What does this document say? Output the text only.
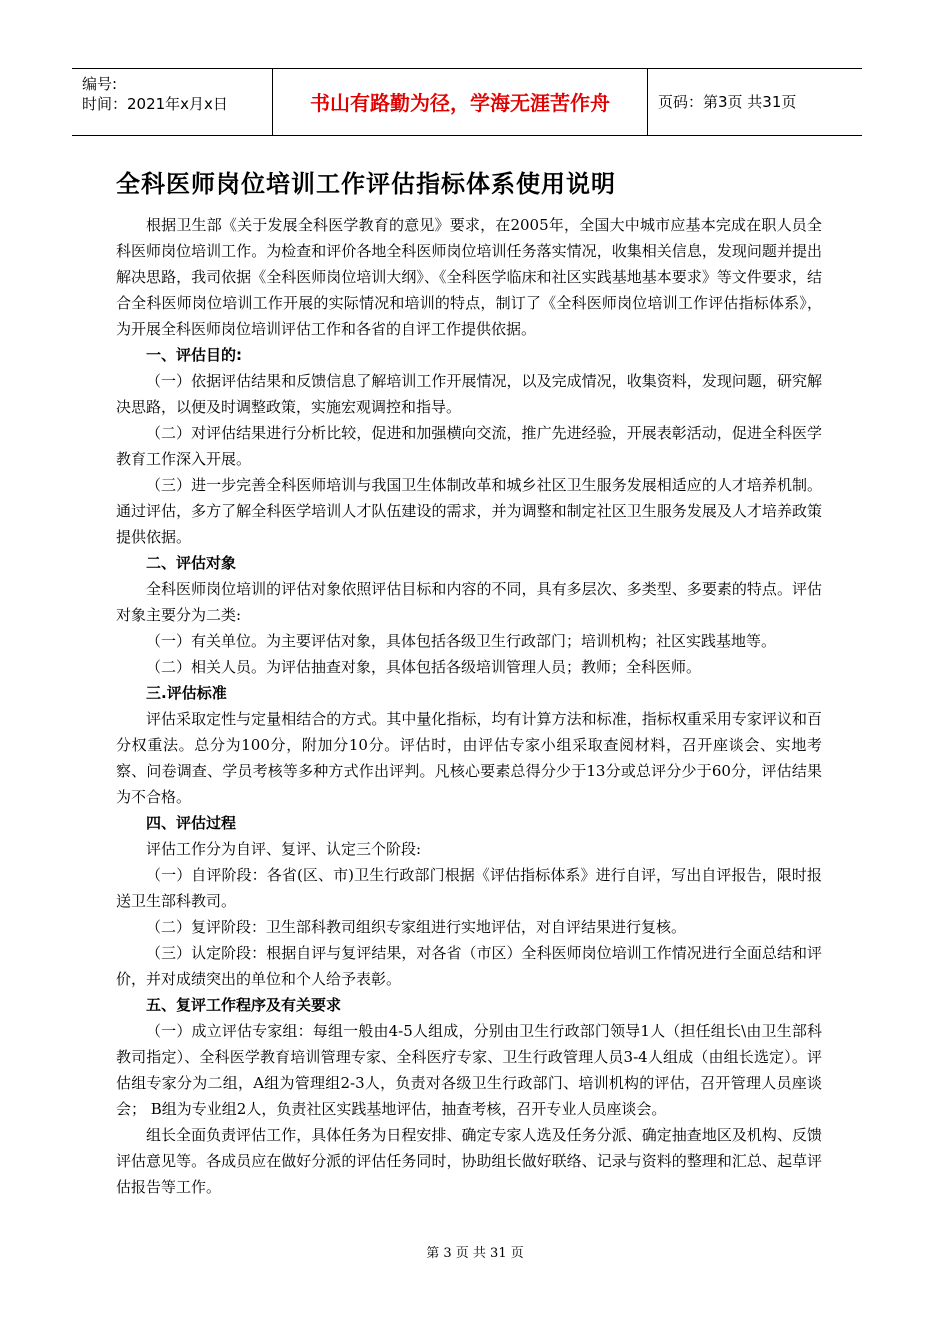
编号:
时间：2021年x月x日	书山有路勤为径，学海无涯苦作舟	页码：第3页 共31页
全科医师岗位培训工作评估指标体系使用说明

根据卫生部《关于发展全科医学教育的意见》要求，在2005年，全国大中城市应基本完成在职人员全科医师岗位培训工作。为检查和评价各地全科医师岗位培训任务落实情况，收集相关信息，发现问题并提出解决思路，我司依据《全科医师岗位培训大纲》、《全科医学临床和社区实践基地基本要求》等文件要求，结合全科医师岗位培训工作开展的实际情况和培训的特点，制订了《全科医师岗位培训工作评估指标体系》，为开展全科医师岗位培训评估工作和各省的自评工作提供依据。

一、评估目的:

（一）依据评估结果和反馈信息了解培训工作开展情况，以及完成情况，收集资料，发现问题，研究解决思路，以便及时调整政策，实施宏观调控和指导。

（二）对评估结果进行分析比较，促进和加强横向交流，推广先进经验，开展表彰活动，促进全科医学教育工作深入开展。

（三）进一步完善全科医师培训与我国卫生体制改革和城乡社区卫生服务发展相适应的人才培养机制。通过评估，多方了解全科医学培训人才队伍建设的需求，并为调整和制定社区卫生服务发展及人才培养政策提供依据。

二、评估对象

全科医师岗位培训的评估对象依照评估目标和内容的不同，具有多层次、多类型、多要素的特点。评估对象主要分为二类:

（一）有关单位。为主要评估对象，具体包括各级卫生行政部门；培训机构；社区实践基地等。

（二）相关人员。为评估抽查对象，具体包括各级培训管理人员；教师；全科医师。

三.评估标准

评估采取定性与定量相结合的方式。其中量化指标，均有计算方法和标准，指标权重采用专家评议和百分权重法。总分为100分，附加分10分。评估时，由评估专家小组采取查阅材料，召开座谈会、实地考察、问卷调查、学员考核等多种方式作出评判。凡核心要素总得分少于13分或总评分少于60分，评估结果为不合格。

四、评估过程

评估工作分为自评、复评、认定三个阶段:

（一）自评阶段：各省(区、市)卫生行政部门根据《评估指标体系》进行自评，写出自评报告，限时报送卫生部科教司。

（二）复评阶段：卫生部科教司组织专家组进行实地评估，对自评结果进行复核。

（三）认定阶段：根据自评与复评结果，对各省（市区）全科医师岗位培训工作情况进行全面总结和评价，并对成绩突出的单位和个人给予表彰。

五、复评工作程序及有关要求

（一）成立评估专家组：每组一般由4-5人组成，分别由卫生行政部门领导1人（担任组长\由卫生部科教司指定）、全科医学教育培训管理专家、全科医疗专家、卫生行政管理人员3-4人组成（由组长选定）。评估组专家分为二组，A组为管理组2-3人，负责对各级卫生行政部门、培训机构的评估，召开管理人员座谈会； B组为专业组2人，负责社区实践基地评估，抽查考核，召开专业人员座谈会。

组长全面负责评估工作，具体任务为日程安排、确定专家人选及任务分派、确定抽查地区及机构、反馈评估意见等。各成员应在做好分派的评估任务同时，协助组长做好联络、记录与资料的整理和汇总、起草评估报告等工作。

第 3 页 共 31 页
